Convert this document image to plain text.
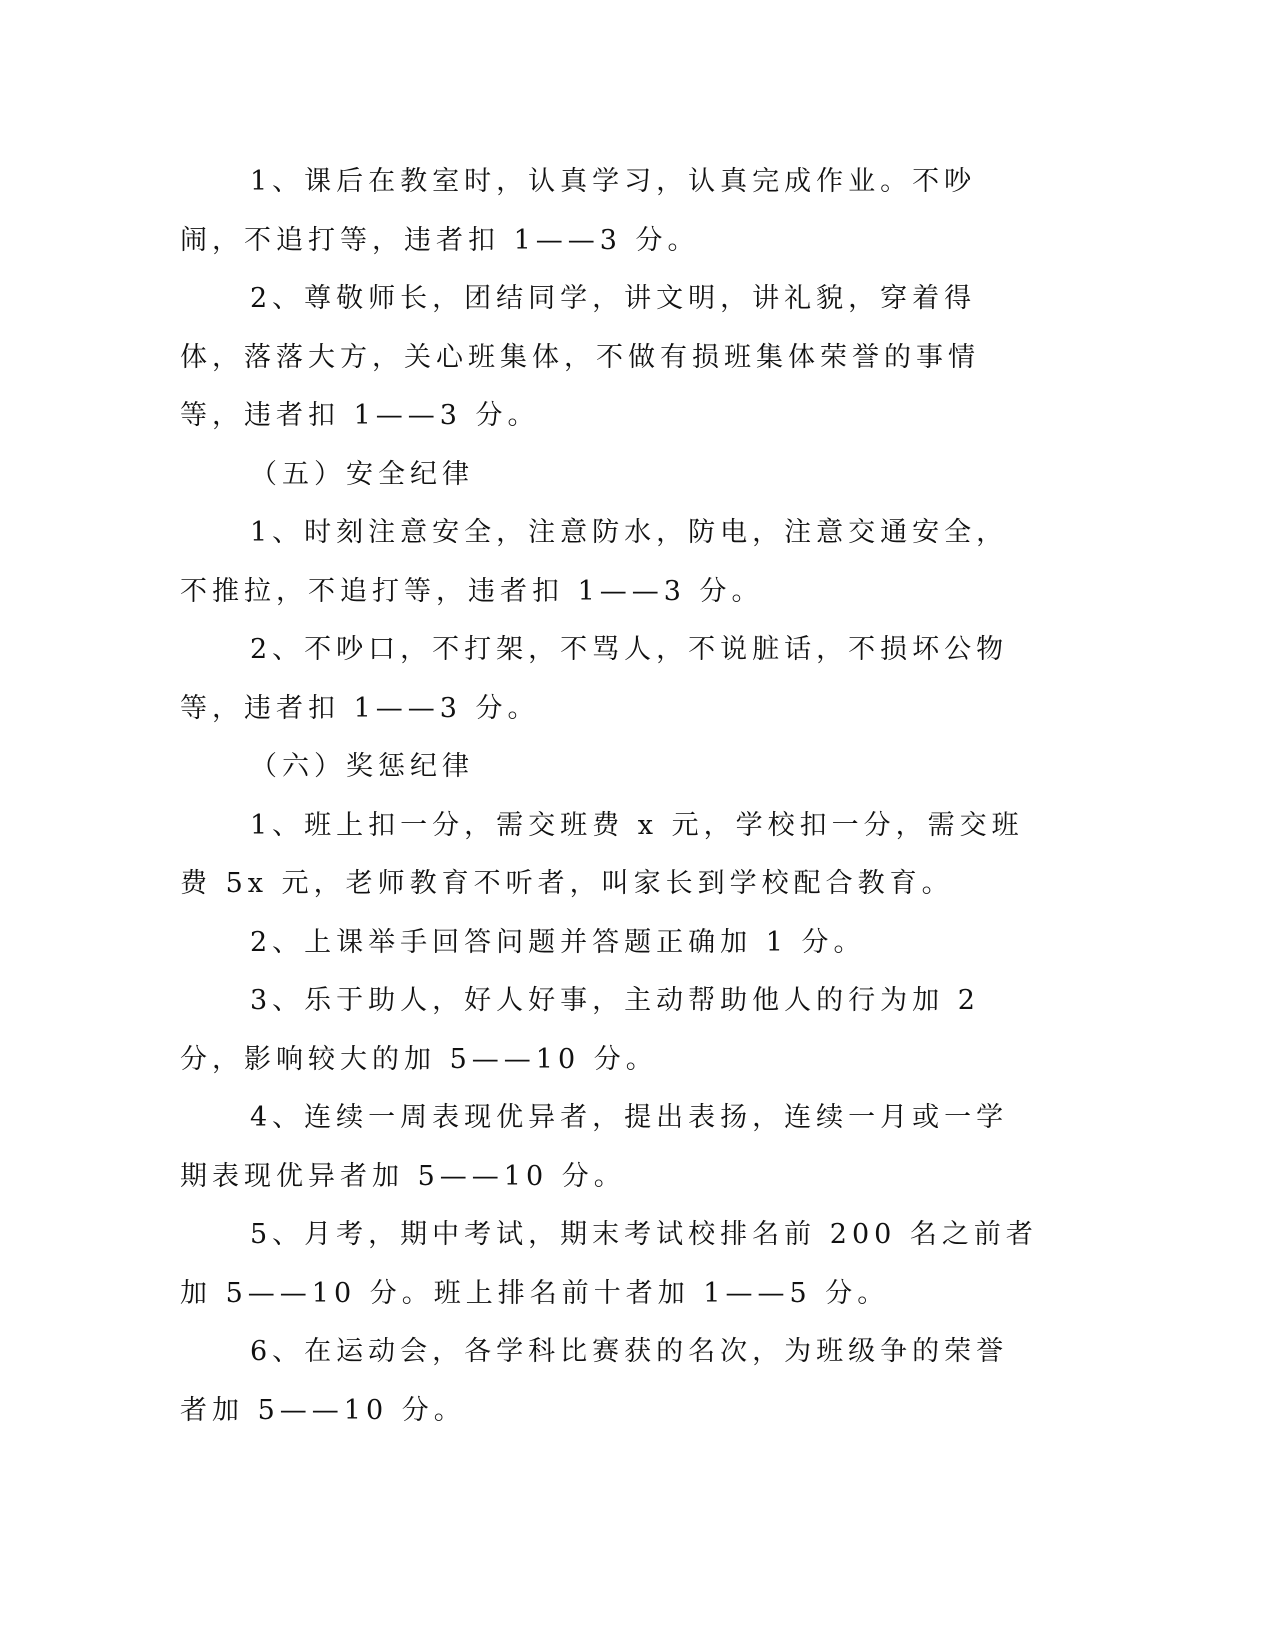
1、课后在教室时，认真学习，认真完成作业。不吵闹，不追打等，违者扣 1——3 分。

2、尊敬师长，团结同学，讲文明，讲礼貌，穿着得体，落落大方，关心班集体，不做有损班集体荣誉的事情等，违者扣 1——3 分。

（五）安全纪律

1、时刻注意安全，注意防水，防电，注意交通安全，不推拉，不追打等，违者扣 1——3 分。

2、不吵口，不打架，不骂人，不说脏话，不损坏公物等，违者扣 1——3 分。

（六）奖惩纪律

1、班上扣一分，需交班费 x 元，学校扣一分，需交班费 5x 元，老师教育不听者，叫家长到学校配合教育。

2、上课举手回答问题并答题正确加 1 分。

3、乐于助人，好人好事，主动帮助他人的行为加 2 分，影响较大的加 5——10 分。

4、连续一周表现优异者，提出表扬，连续一月或一学期表现优异者加 5——10 分。

5、月考，期中考试，期末考试校排名前 200 名之前者加 5——10 分。班上排名前十者加 1——5 分。

6、在运动会，各学科比赛获的名次，为班级争的荣誉者加 5——10 分。
